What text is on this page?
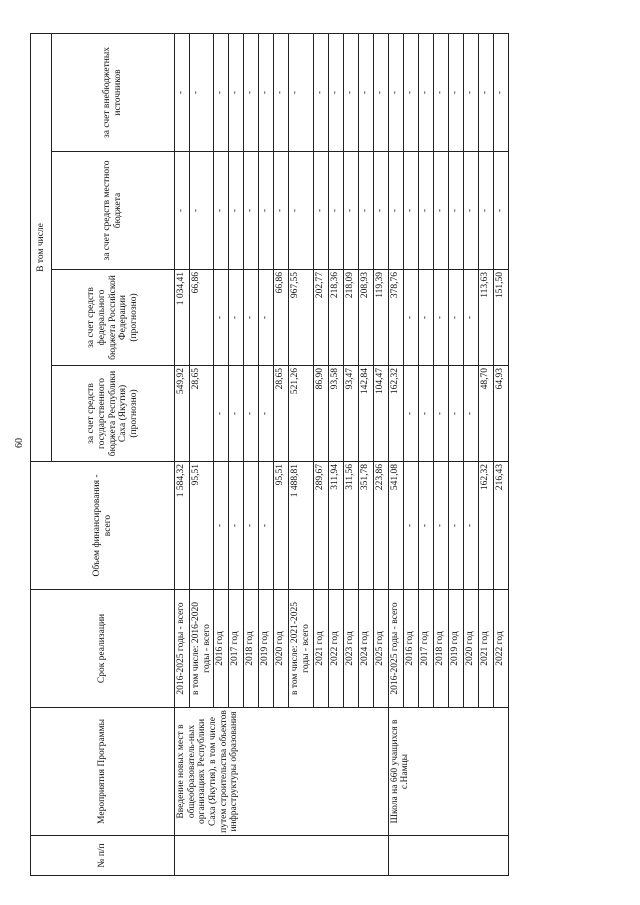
60
№ п/п	Мероприятия Программы	Срок реализации	Объем финансирования - всего	В том числе			
				за счет средств государственного бюджета Республики Саха (Якутия) (прогнозно)	за счет средств федерального бюджета Российской Федерации (прогнозно)	за счет средств местного бюджета	за счет внебюджетных источников
	Введение новых мест в общеобразователь-ных организациях Республики Саха (Якутия), в том числе путем строительства объектов инфраструктуры образования	2016-2025 годы - всего	1 584,32	549,92	1 034,41	-	-
		в том числе: 2016-2020 годы - всего	95,51	28,65	66,86	-	-
		2016 год	-	-	-	-	-
		2017 год	-	-	-	-	-
		2018 год	-	-	-	-	-
		2019 год	-	-	-	-	-
		2020 год	95,51	28,65	66,86	-	-
		в том числе: 2021-2025 годы - всего	1 488,81	521,26	967,55	-	-
		2021 год	289,67	86,90	202,77	-	-
		2022 год	311,94	93,58	218,36	-	-
		2023 год	311,56	93,47	218,09	-	-
		2024 год	351,78	142,84	208,93	-	-
		2025 год	223,86	104,47	119,39	-	-
	Школа на 660 учащихся в с.Намцы	2016-2025 годы - всего	541,08	162,32	378,76	-	-
		2016 год	-	-	-	-	-
		2017 год	-	-	-	-	-
		2018 год	-	-	-	-	-
		2019 год	-	-	-	-	-
		2020 год	-	-	-	-	-
		2021 год	162,32	48,70	113,63	-	-
		2022 год	216,43	64,93	151,50	-	-
